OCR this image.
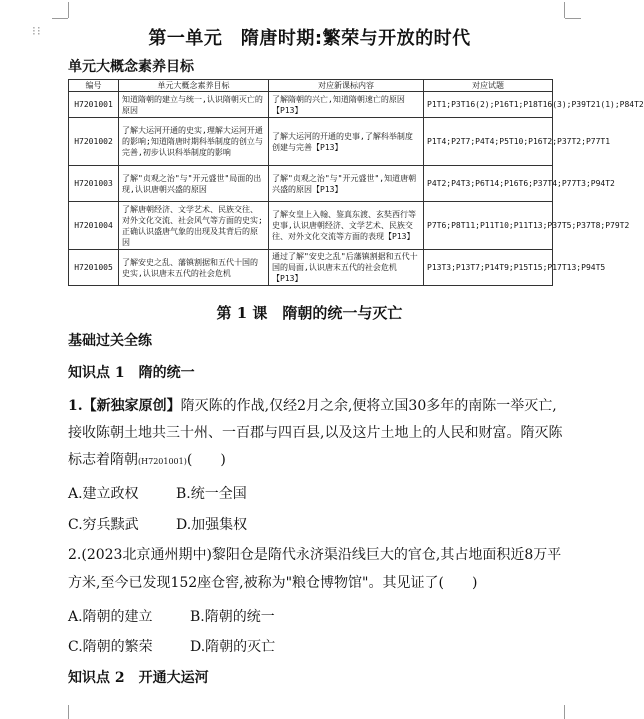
⁝⁝	第一单元　隋唐时期:繁荣与开放的时代
单元大概念素养目标
编号	单元大概念素养目标	对应新课标内容	对应试题
H7201001	知道隋朝的建立与统一,认识隋朝灭亡的原因	了解隋朝的兴亡,知道隋朝速亡的原因【P13】	P1T1;P3T16(2);P16T1;P18T16(3);P39T21(1);P84T2
H7201002	了解大运河开通的史实,理解大运河开通的影响;知道隋唐时期科举制度的创立与完善,初步认识科举制度的影响	了解大运河的开通的史事,了解科举制度创建与完善【P13】	P1T4;P2T7;P4T4;P5T10;P16T2;P37T2;P77T1
H7201003	了解"贞观之治"与"开元盛世"局面的出现,认识唐朝兴盛的原因	了解"贞观之治"与"开元盛世",知道唐朝兴盛的原因【P13】	P4T2;P4T3;P6T14;P16T6;P37T4;P77T3;P94T2
H7201004	了解唐朝经济、文学艺术、民族交往、对外文化交流、社会风气等方面的史实;正确认识盛唐气象的出现及其背后的原因	了解女皇上入翰、鉴真东渡、玄奘西行等史事,认识唐朝经济、文学艺术、民族交往、对外文化交流等方面的表现【P13】	P7T6;P8T11;P11T10;P11T13;P37T5;P37T8;P79T2
H7201005	了解安史之乱、藩镇割据和五代十国的史实,认识唐末五代的社会危机	通过了解"安史之乱"后藩镇割据和五代十国的局面,认识唐末五代的社会危机【P13】	P13T3;P13T7;P14T9;P15T15;P17T13;P94T5
第 1 课　隋朝的统一与灭亡
基础过关全练
知识点 1　隋的统一
1.【新独家原创】隋灭陈的作战,仅经2月之余,便将立国30多年的南陈一举灭亡,
接收陈朝土地共三十州、一百郡与四百县,以及这片土地上的人民和财富。隋灭陈
标志着隋朝(H7201001)(　　)
A.建立政权	B.统一全国
C.穷兵黩武	D.加强集权
2.(2023北京通州期中)黎阳仓是隋代永济渠沿线巨大的官仓,其占地面积近8万平
方米,至今已发现152座仓窖,被称为"粮仓博物馆"。其见证了(　　)
A.隋朝的建立	B.隋朝的统一
C.隋朝的繁荣	D.隋朝的灭亡
知识点 2　开通大运河
